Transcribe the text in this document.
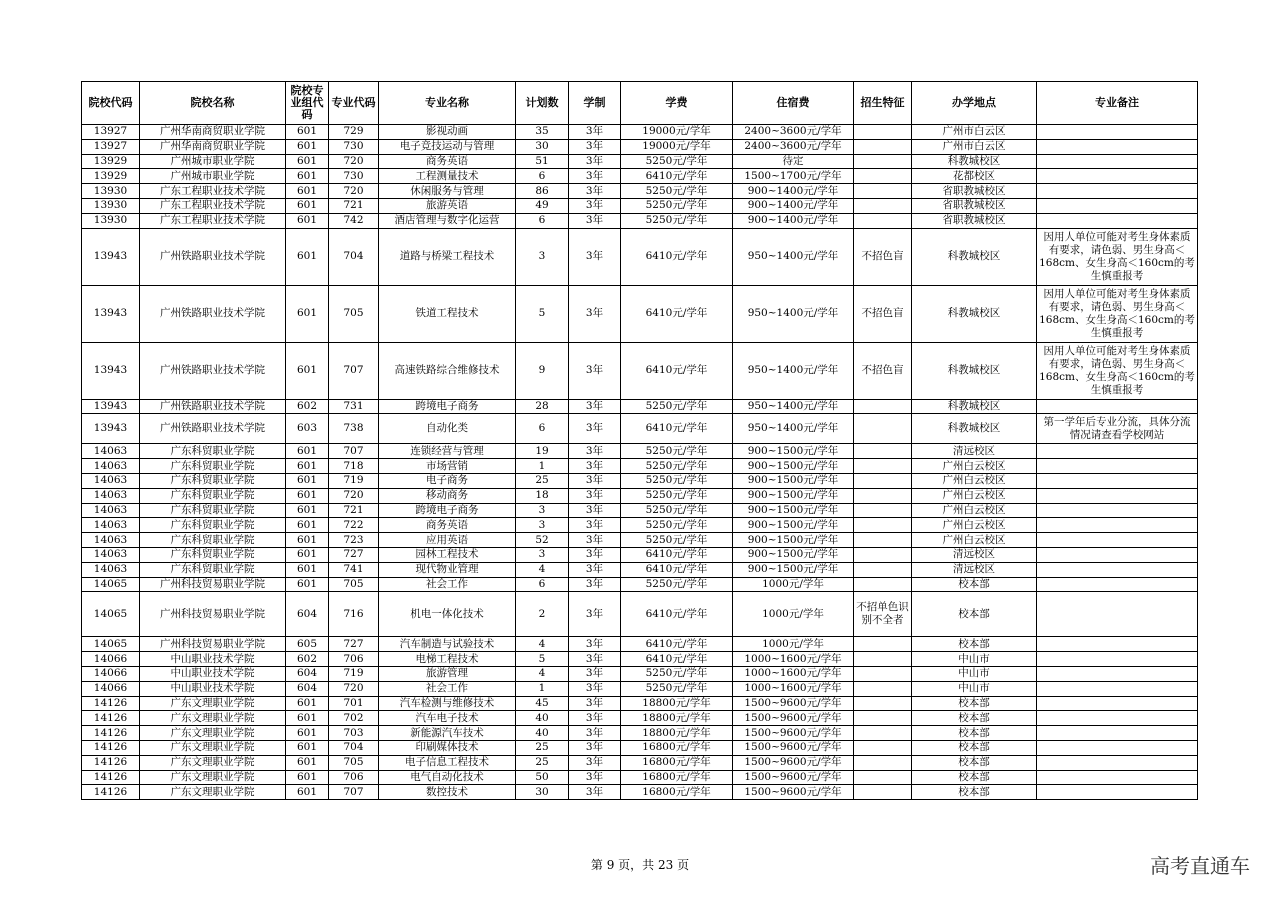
院校代码	院校名称	院校专业组代码	专业代码	专业名称	计划数	学制	学费	住宿费	招生特征	办学地点	专业备注
13927	广州华南商贸职业学院	601	729	影视动画	35	3年	19000元/学年	2400~3600元/学年		广州市白云区	
13927	广州华南商贸职业学院	601	730	电子竞技运动与管理	30	3年	19000元/学年	2400~3600元/学年		广州市白云区	
13929	广州城市职业学院	601	720	商务英语	51	3年	5250元/学年	待定		科教城校区	
13929	广州城市职业学院	601	730	工程测量技术	6	3年	6410元/学年	1500~1700元/学年		花都校区	
13930	广东工程职业技术学院	601	720	休闲服务与管理	86	3年	5250元/学年	900~1400元/学年		省职教城校区	
13930	广东工程职业技术学院	601	721	旅游英语	49	3年	5250元/学年	900~1400元/学年		省职教城校区	
13930	广东工程职业技术学院	601	742	酒店管理与数字化运营	6	3年	5250元/学年	900~1400元/学年		省职教城校区	
13943	广州铁路职业技术学院	601	704	道路与桥梁工程技术	3	3年	6410元/学年	950~1400元/学年	不招色盲	科教城校区	因用人单位可能对考生身体素质有要求，请色弱、男生身高＜168cm、女生身高＜160cm的考生慎重报考
13943	广州铁路职业技术学院	601	705	铁道工程技术	5	3年	6410元/学年	950~1400元/学年	不招色盲	科教城校区	因用人单位可能对考生身体素质有要求，请色弱、男生身高＜168cm、女生身高＜160cm的考生慎重报考
13943	广州铁路职业技术学院	601	707	高速铁路综合维修技术	9	3年	6410元/学年	950~1400元/学年	不招色盲	科教城校区	因用人单位可能对考生身体素质有要求，请色弱、男生身高＜168cm、女生身高＜160cm的考生慎重报考
13943	广州铁路职业技术学院	602	731	跨境电子商务	28	3年	5250元/学年	950~1400元/学年		科教城校区	
13943	广州铁路职业技术学院	603	738	自动化类	6	3年	6410元/学年	950~1400元/学年		科教城校区	第一学年后专业分流，具体分流情况请查看学校网站
14063	广东科贸职业学院	601	707	连锁经营与管理	19	3年	5250元/学年	900~1500元/学年		清远校区	
14063	广东科贸职业学院	601	718	市场营销	1	3年	5250元/学年	900~1500元/学年		广州白云校区	
14063	广东科贸职业学院	601	719	电子商务	25	3年	5250元/学年	900~1500元/学年		广州白云校区	
14063	广东科贸职业学院	601	720	移动商务	18	3年	5250元/学年	900~1500元/学年		广州白云校区	
14063	广东科贸职业学院	601	721	跨境电子商务	3	3年	5250元/学年	900~1500元/学年		广州白云校区	
14063	广东科贸职业学院	601	722	商务英语	3	3年	5250元/学年	900~1500元/学年		广州白云校区	
14063	广东科贸职业学院	601	723	应用英语	52	3年	5250元/学年	900~1500元/学年		广州白云校区	
14063	广东科贸职业学院	601	727	园林工程技术	3	3年	6410元/学年	900~1500元/学年		清远校区	
14063	广东科贸职业学院	601	741	现代物业管理	4	3年	6410元/学年	900~1500元/学年		清远校区	
14065	广州科技贸易职业学院	601	705	社会工作	6	3年	5250元/学年	1000元/学年		校本部	
14065	广州科技贸易职业学院	604	716	机电一体化技术	2	3年	6410元/学年	1000元/学年	不招单色识别不全者	校本部	
14065	广州科技贸易职业学院	605	727	汽车制造与试验技术	4	3年	6410元/学年	1000元/学年		校本部	
14066	中山职业技术学院	602	706	电梯工程技术	5	3年	6410元/学年	1000~1600元/学年		中山市	
14066	中山职业技术学院	604	719	旅游管理	4	3年	5250元/学年	1000~1600元/学年		中山市	
14066	中山职业技术学院	604	720	社会工作	1	3年	5250元/学年	1000~1600元/学年		中山市	
14126	广东文理职业学院	601	701	汽车检测与维修技术	45	3年	18800元/学年	1500~9600元/学年		校本部	
14126	广东文理职业学院	601	702	汽车电子技术	40	3年	18800元/学年	1500~9600元/学年		校本部	
14126	广东文理职业学院	601	703	新能源汽车技术	40	3年	18800元/学年	1500~9600元/学年		校本部	
14126	广东文理职业学院	601	704	印刷媒体技术	25	3年	16800元/学年	1500~9600元/学年		校本部	
14126	广东文理职业学院	601	705	电子信息工程技术	25	3年	16800元/学年	1500~9600元/学年		校本部	
14126	广东文理职业学院	601	706	电气自动化技术	50	3年	16800元/学年	1500~9600元/学年		校本部	
14126	广东文理职业学院	601	707	数控技术	30	3年	16800元/学年	1500~9600元/学年		校本部	
第 9 页，共 23 页	高考直通车
